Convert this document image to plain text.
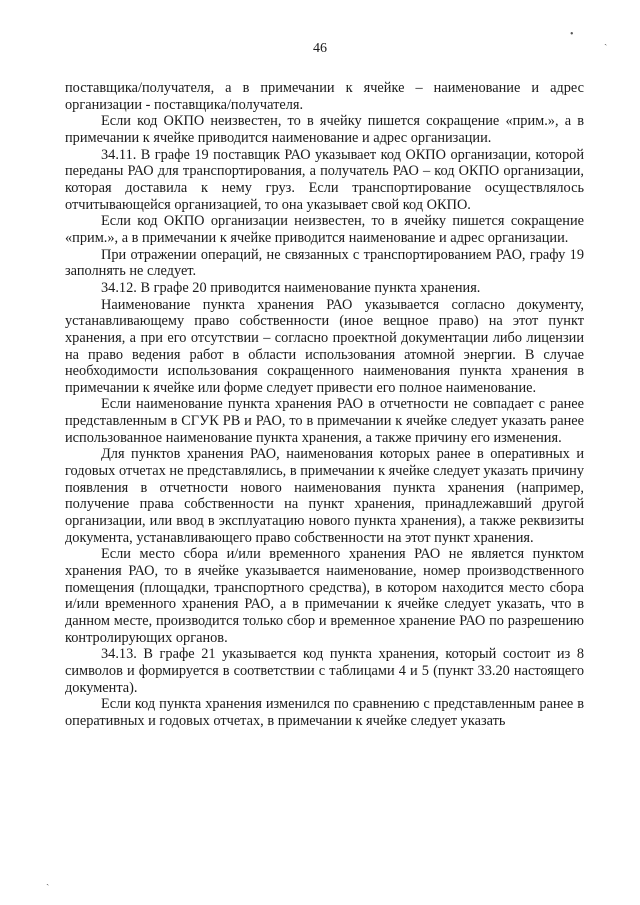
•
ˎ
ˏ
46

поставщика/получателя, а в примечании к ячейке – наименование и адрес организации - поставщика/получателя.

Если код ОКПО неизвестен, то в ячейку пишется сокращение «прим.», а в примечании к ячейке приводится наименование и адрес организации.

34.11. В графе 19 поставщик РАО указывает код ОКПО организации, которой переданы РАО для транспортирования, а получатель РАО – код ОКПО организации, которая доставила к нему груз. Если транспортирование осуществлялось отчитывающейся организацией, то она указывает свой код ОКПО.

Если код ОКПО организации неизвестен, то в ячейку пишется сокращение «прим.», а в примечании к ячейке приводится наименование и адрес организации.

При отражении операций, не связанных с транспортированием РАО, графу 19 заполнять не следует.

34.12. В графе 20 приводится наименование пункта хранения.

Наименование пункта хранения РАО указывается согласно документу, устанавливающему право собственности (иное вещное право) на этот пункт хранения, а при его отсутствии – согласно проектной документации либо лицензии на право ведения работ в области использования атомной энергии. В случае необходимости использования сокращенного наименования пункта хранения в примечании к ячейке или форме следует привести его полное наименование.

Если наименование пункта хранения РАО в отчетности не совпадает с ранее представленным в СГУК РВ и РАО, то в примечании к ячейке следует указать ранее использованное наименование пункта хранения, а также причину его изменения.

Для пунктов хранения РАО, наименования которых ранее в оперативных и годовых отчетах не представлялись, в примечании к ячейке следует указать причину появления в отчетности нового наименования пункта хранения (например, получение права собственности на пункт хранения, принадлежавший другой организации, или ввод в эксплуатацию нового пункта хранения), а также реквизиты документа, устанавливающего право собственности на этот пункт хранения.

Если место сбора и/или временного хранения РАО не является пунктом хранения РАО, то в ячейке указывается наименование, номер производственного помещения (площадки, транспортного средства), в котором находится место сбора и/или временного хранения РАО, а в примечании к ячейке следует указать, что в данном месте, производится только сбор и временное хранение РАО по разрешению контролирующих органов.

34.13. В графе 21 указывается код пункта хранения, который состоит из 8 символов и формируется в соответствии с таблицами 4 и 5 (пункт 33.20 настоящего документа).

Если код пункта хранения изменился по сравнению с представленным ранее в оперативных и годовых отчетах, в примечании к ячейке следует указать
